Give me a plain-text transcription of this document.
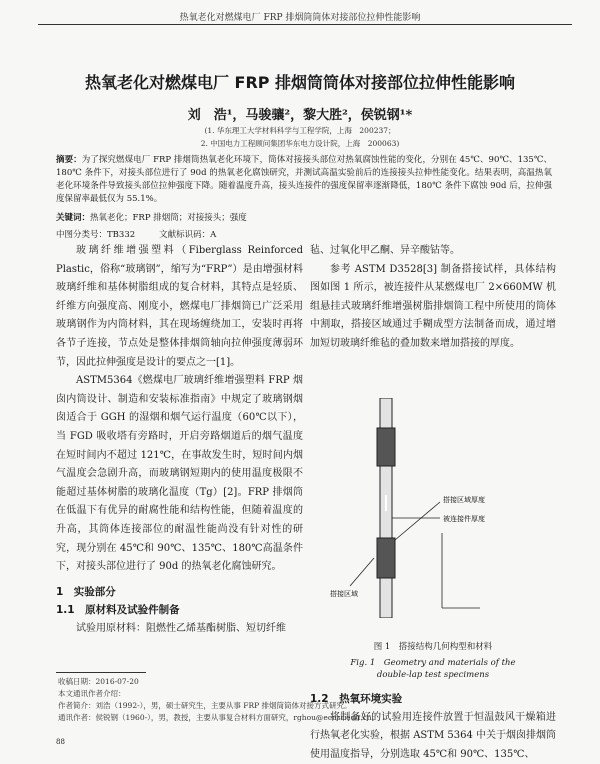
热氧老化对燃煤电厂 FRP 排烟筒筒体对接部位拉伸性能影响
热氧老化对燃煤电厂 FRP 排烟筒筒体对接部位拉伸性能影响
刘　浩¹，马骏骧²，黎大胜²，侯锐钢¹*
(1. 华东理工大学材料科学与工程学院，上海　200237；
2. 中国电力工程顾问集团华东电力设计院，上海　200063)
摘要：为了探究燃煤电厂 FRP 排烟筒热氧老化环境下，筒体对接接头部位对热氧腐蚀性能的变化，分别在 45℃、90℃、135℃、180℃ 条件下，对接头部位进行了 90d 的热氧老化腐蚀研究，并测试高温实验前后的连接接头拉伸性能变化。结果表明，高温热氧老化环境条件导致接头部位拉伸强度下降。随着温度升高，接头连接件的强度保留率逐渐降低，180℃ 条件下腐蚀 90d 后，拉伸强度保留率最低仅为 55.1%。
关键词：热氧老化；FRP 排烟筒；对接接头；强度
中图分类号：TB332	文献标识码：A

玻璃纤维增强塑料（Fiberglass Reinforced Plastic，俗称“玻璃钢”，缩写为“FRP”）是由增强材料玻璃纤维和基体树脂组成的复合材料，其特点是轻质、纤维方向强度高、刚度小，燃煤电厂排烟筒已广泛采用玻璃钢作为内筒材料，其在现场缠绕加工，安装时再将各节子连接，节点处是整体排烟筒轴向拉伸强度薄弱环节，因此拉伸强度是设计的要点之一[1]。

ASTM5364《燃煤电厂玻璃纤维增强塑料 FRP 烟囱内筒设计、制造和安装标准指南》中规定了玻璃钢烟囱适合于 GGH 的湿烟和烟气运行温度（60℃以下），当 FGD 吸收塔有旁路时，开启旁路烟道后的烟气温度在短时间内不超过 121℃，在事故发生时，短时间内烟气温度会急剧升高，而玻璃钢短期内的使用温度极限不能超过基体树脂的玻璃化温度（Tg）[2]。FRP 排烟筒在低温下有优异的耐腐性能和结构性能，但随着温度的升高，其筒体连接部位的耐温性能尚没有针对性的研究，现分别在 45℃和 90℃、135℃、180℃高温条件下，对接头部位进行了 90d 的热氧老化腐蚀研究。

1　实验部分
1.1　原材料及试验件制备

试验用原材料：阻燃性乙烯基酯树脂、短切纤维

毡、过氧化甲乙酮、异辛酸钴等。

参考 ASTM D3528[3] 制备搭接试样，具体结构图如图 1 所示，被连接件从某燃煤电厂 2×660MW 机组悬挂式玻璃纤维增强树脂排烟筒工程中所使用的筒体中割取，搭接区域通过手糊成型方法制备而成，通过增加短切玻璃纤维毡的叠加数来增加搭接的厚度。

搭接区域厚度
被连接件厚度
搭接区域
图 1　搭接结构几何构型和材料
Fig. 1　Geometry and materials of the
double-lap test specimens
1.2　热氧环境实验

将制备好的试验用连接件放置于恒温鼓风干燥箱进行热氧老化实验，根据 ASTM 5364 中关于烟囱排烟筒使用温度指导，分别选取 45℃和 90℃、135℃、

收稿日期：2016-07-20
本文通讯作者介绍：
作者简介：刘浩（1992-），男，硕士研究生，主要从事 FRP 排烟筒筒体对接方式研究。
通讯作者：侯锐钢（1960-），男，教授，主要从事复合材料方面研究，rghou@ecust.edu.cn。
88
